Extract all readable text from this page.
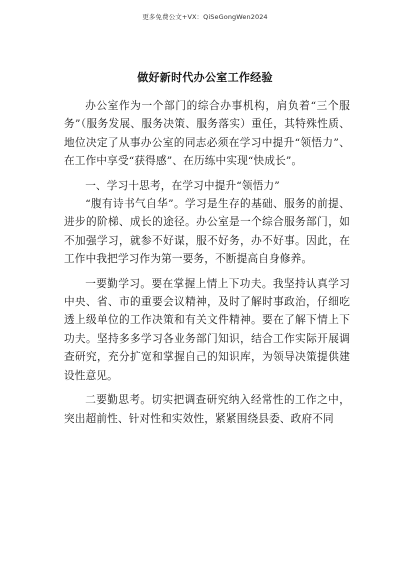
更多免费公文+VX：QiSeGongWen2024
做好新时代办公室工作经验

办公室作为一个部门的综合办事机构，肩负着“三个服务”（服务发展、服务决策、服务落实）重任，其特殊性质、地位决定了从事办公室的同志必须在学习中提升“领悟力”、在工作中享受“获得感”、在历练中实现“快成长”。

一、学习十思考，在学习中提升“领悟力”

“腹有诗书气自华”。学习是生存的基础、服务的前提、进步的阶梯、成长的途径。办公室是一个综合服务部门，如不加强学习，就参不好谋，服不好务，办不好事。因此，在工作中我把学习作为第一要务，不断提高自身修养。

一要勤学习。要在掌握上情上下功夫。我坚持认真学习中央、省、市的重要会议精神，及时了解时事政治，仔细吃透上级单位的工作决策和有关文件精神。要在了解下情上下功夫。坚持多多学习各业务部门知识，结合工作实际开展调查研究，充分扩宽和掌握自己的知识库，为领导决策提供建设性意见。

二要勤思考。切实把调查研究纳入经常性的工作之中，突出超前性、针对性和实效性，紧紧围绕县委、政府不同
